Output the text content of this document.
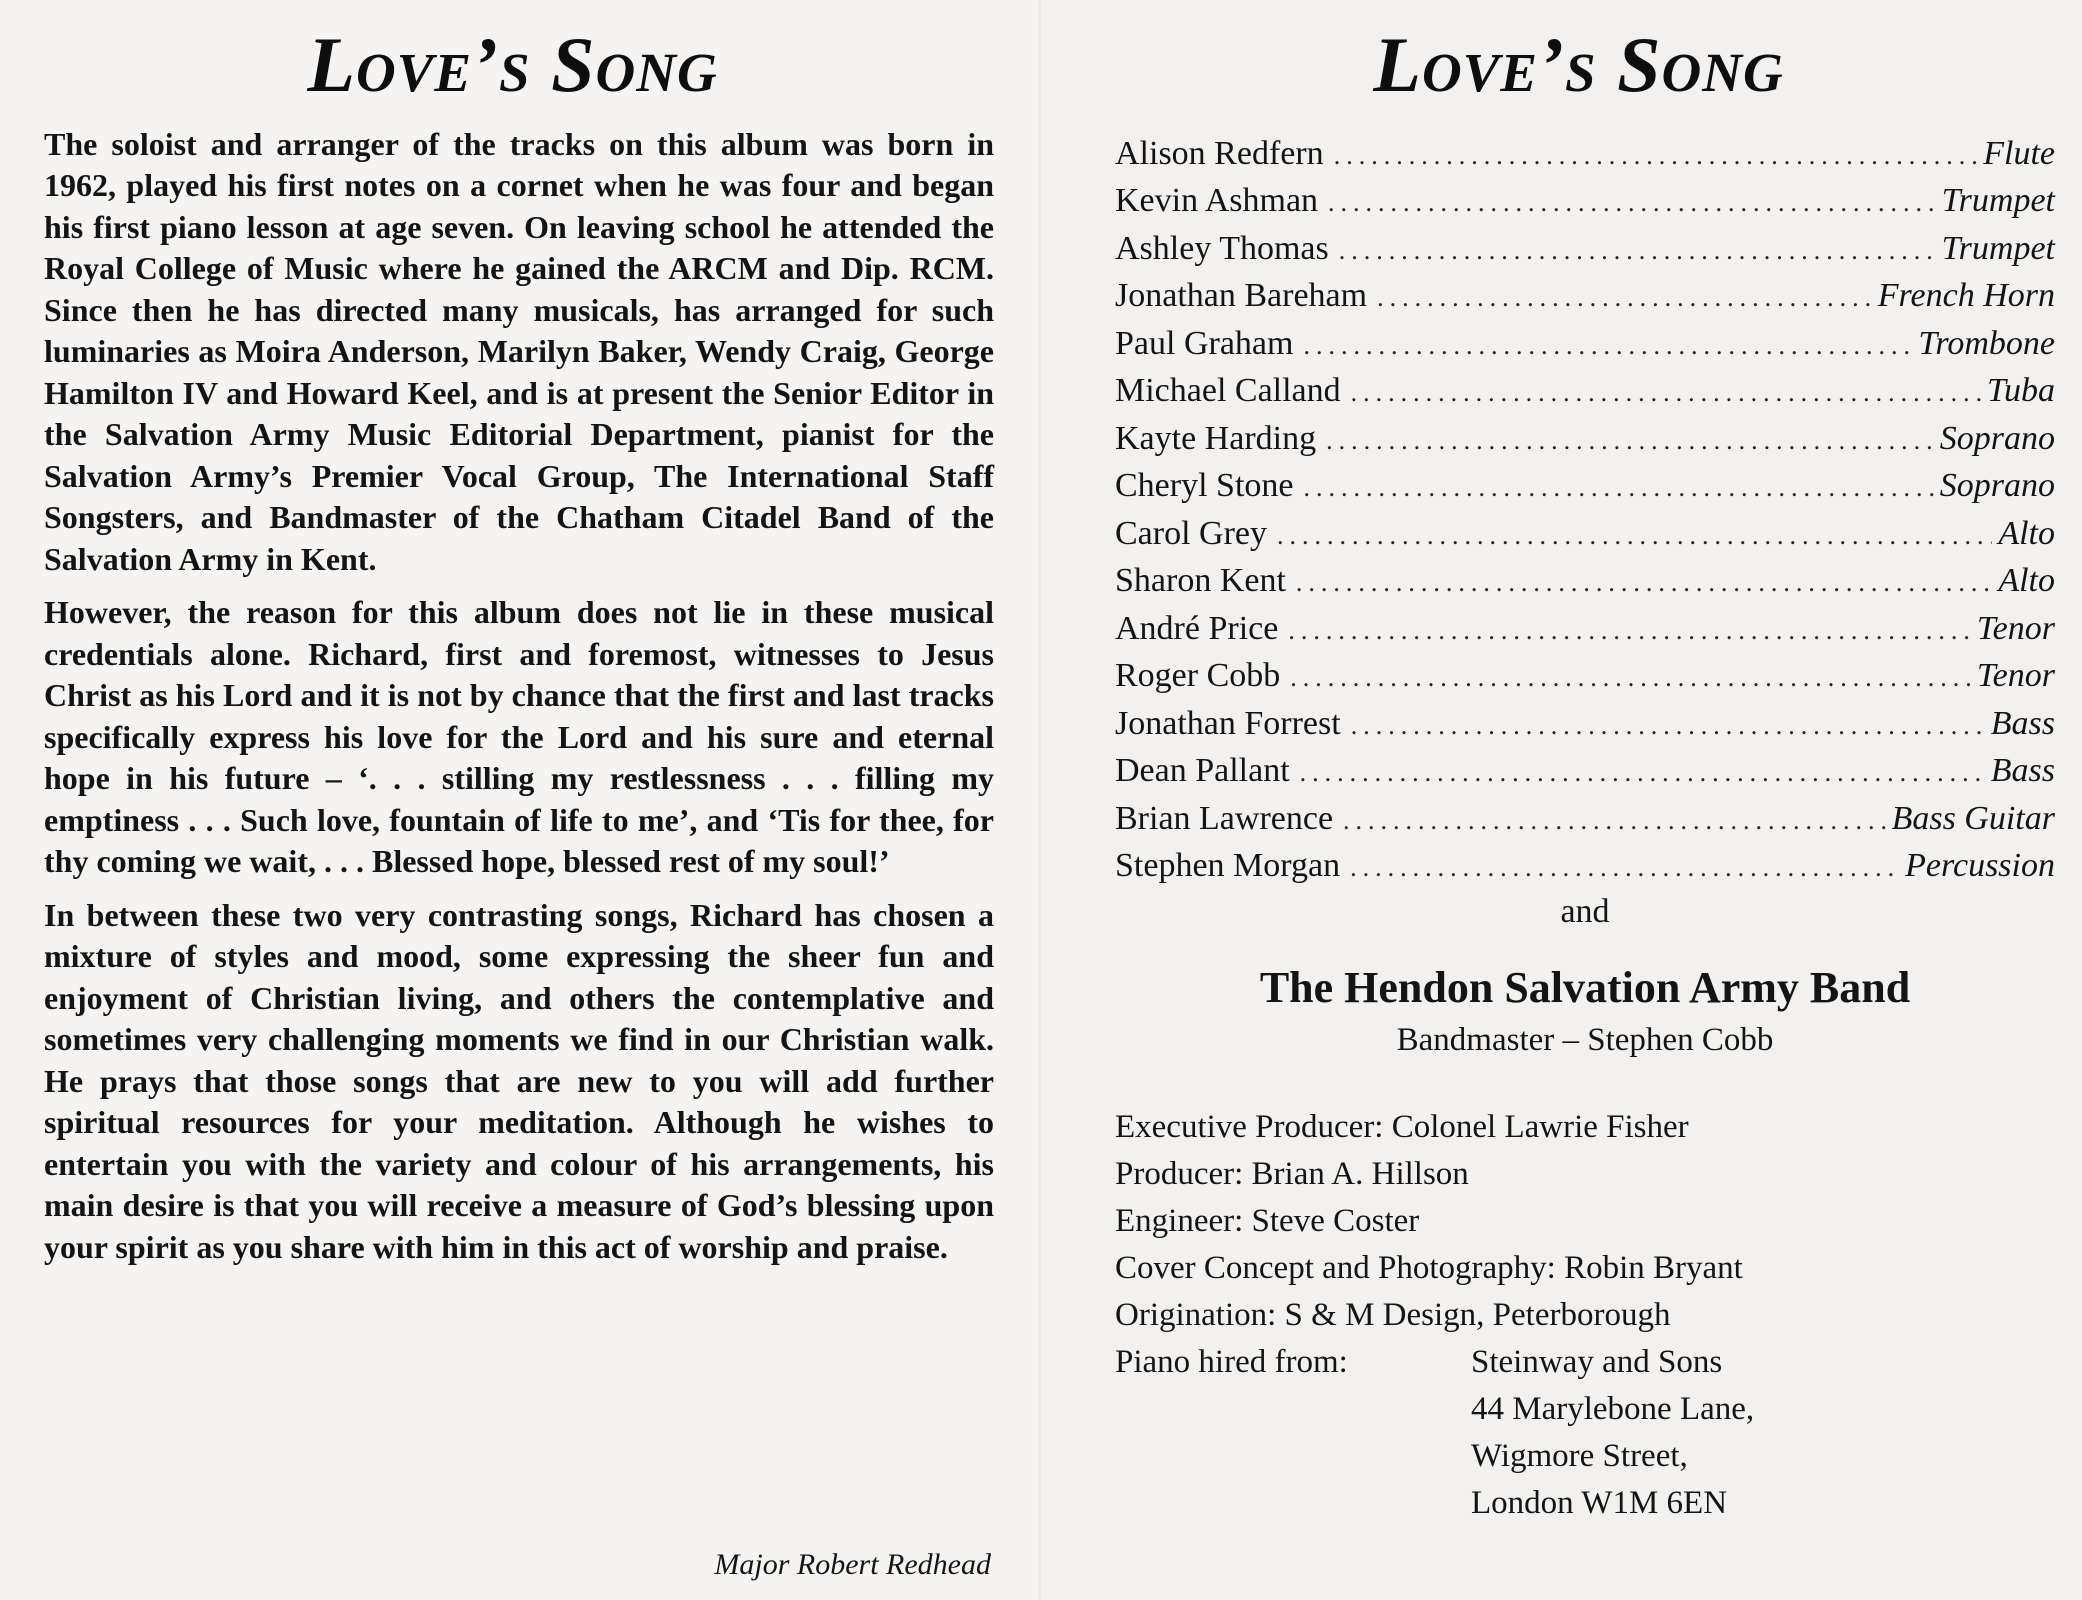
Love’s Song

The soloist and arranger of the tracks on this album was born in 1962, played his first notes on a cornet when he was four and began his first piano lesson at age seven. On leaving school he attended the Royal College of Music where he gained the ARCM and Dip. RCM. Since then he has directed many musicals, has arranged for such luminaries as Moira Anderson, Marilyn Baker, Wendy Craig, George Hamilton IV and Howard Keel, and is at present the Senior Editor in the Salvation Army Music Editorial Department, pianist for the Salvation Army’s Premier Vocal Group, The International Staff Songsters, and Bandmaster of the Chatham Citadel Band of the Salvation Army in Kent.

However, the reason for this album does not lie in these musical credentials alone. Richard, first and foremost, witnesses to Jesus Christ as his Lord and it is not by chance that the first and last tracks specifically express his love for the Lord and his sure and eternal hope in his future – ‘. . . stilling my restlessness . . . filling my emptiness . . . Such love, fountain of life to me’, and ‘Tis for thee, for thy coming we wait, . . . Blessed hope, blessed rest of my soul!’

In between these two very contrasting songs, Richard has chosen a mixture of styles and mood, some expressing the sheer fun and enjoyment of Christian living, and others the contemplative and sometimes very challenging moments we find in our Christian walk. He prays that those songs that are new to you will add further spiritual resources for your meditation. Although he wishes to entertain you with the variety and colour of his arrangements, his main desire is that you will receive a measure of God’s blessing upon your spirit as you share with him in this act of worship and praise.

Major Robert Redhead
Love’s Song
Alison Redfern .....	Flute
Kevin Ashman .....	Trumpet
Ashley Thomas .....	Trumpet
Jonathan Bareham .....	French Horn
Paul Graham .....	Trombone
Michael Calland .....	Tuba
Kayte Harding .....	Soprano
Cheryl Stone .....	Soprano
Carol Grey .....	Alto
Sharon Kent .....	Alto
André Price .....	Tenor
Roger Cobb .....	Tenor
Jonathan Forrest .....	Bass
Dean Pallant .....	Bass
Brian Lawrence .....	Bass Guitar
Stephen Morgan .....	Percussion
and
The Hendon Salvation Army Band
Bandmaster – Stephen Cobb
Executive Producer: Colonel Lawrie Fisher
Producer: Brian A. Hillson
Engineer: Steve Coster
Cover Concept and Photography: Robin Bryant
Origination: S & M Design, Peterborough
Piano hired from:	Steinway and Sons
44 Marylebone Lane,
Wigmore Street,
London W1M 6EN
